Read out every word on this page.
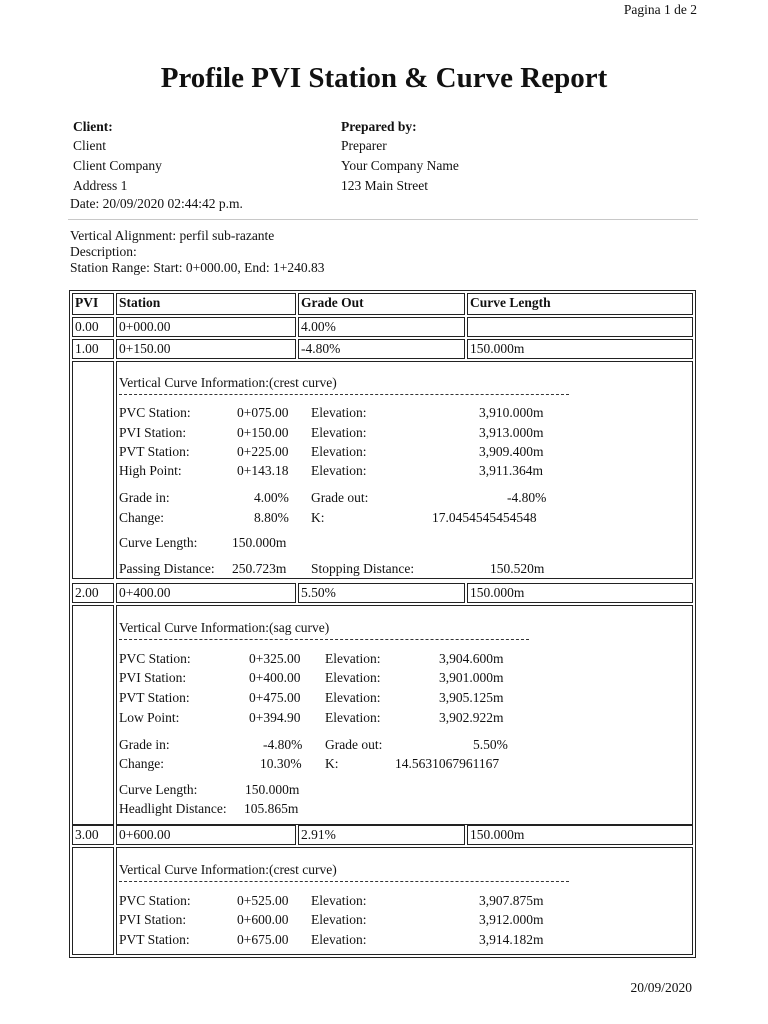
Pagina 1 de 2
Profile PVI Station & Curve Report
Client:
Client
Client Company
Address 1
Prepared by:
Preparer
Your Company Name
123 Main Street
Date: 20/09/2020 02:44:42 p.m.
Vertical Alignment: perfil sub-razante
Description:
Station Range: Start: 0+000.00, End: 1+240.83
PVI	Station	Grade Out	Curve Length
0.00	0+000.00	4.00%
1.00	0+150.00	-4.80%	150.000m
Vertical Curve Information:(crest curve)
PVC Station:	0+075.00 Elevation:	3,910.000m
PVI Station:	0+150.00 Elevation:	3,913.000m
PVT Station:	0+225.00 Elevation:	3,909.400m
High Point:	0+143.18 Elevation:	3,911.364m
Grade in:	4.00% Grade out:	-4.80%
Change:	8.80% K:	17.0454545454548
Curve Length:	150.000m
Passing Distance: 250.723m Stopping Distance:	150.520m
2.00	0+400.00	5.50%	150.000m
Vertical Curve Information:(sag curve)
PVC Station:	0+325.00 Elevation:	3,904.600m
PVI Station:	0+400.00 Elevation:	3,901.000m
PVT Station:	0+475.00 Elevation:	3,905.125m
Low Point:	0+394.90 Elevation:	3,902.922m
Grade in:	-4.80% Grade out:	5.50%
Change:	10.30% K:	14.5631067961167
Curve Length:	150.000m
Headlight Distance: 105.865m
3.00	0+600.00	2.91%	150.000m
Vertical Curve Information:(crest curve)
PVC Station:	0+525.00 Elevation:	3,907.875m
PVI Station:	0+600.00 Elevation:	3,912.000m
PVT Station:	0+675.00 Elevation:	3,914.182m
20/09/2020
